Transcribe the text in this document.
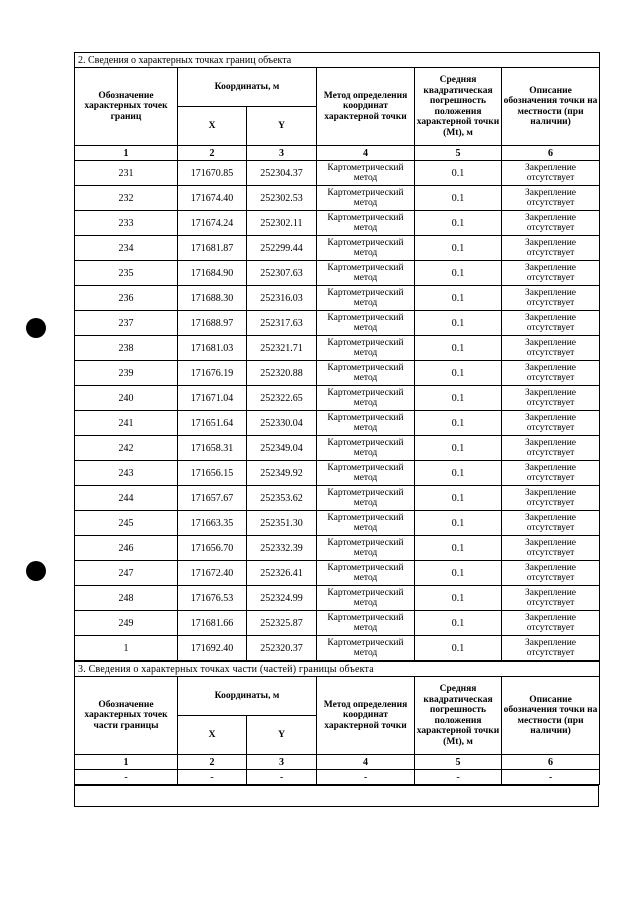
2. Сведения о характерных точках границ объекта					
Обозначение характерных точек границ	Координаты, м		Метод определения координат характерной точки	Средняя квадратическая погрешность положения характерной точки (Mt), м	Описание обозначения точки на местности (при наличии)
	X	Y			
1	2	3	4	5	6
231	171670.85	252304.37	Картометрический метод	0.1	Закрепление отсутствует
232	171674.40	252302.53	Картометрический метод	0.1	Закрепление отсутствует
233	171674.24	252302.11	Картометрический метод	0.1	Закрепление отсутствует
234	171681.87	252299.44	Картометрический метод	0.1	Закрепление отсутствует
235	171684.90	252307.63	Картометрический метод	0.1	Закрепление отсутствует
236	171688.30	252316.03	Картометрический метод	0.1	Закрепление отсутствует
237	171688.97	252317.63	Картометрический метод	0.1	Закрепление отсутствует
238	171681.03	252321.71	Картометрический метод	0.1	Закрепление отсутствует
239	171676.19	252320.88	Картометрический метод	0.1	Закрепление отсутствует
240	171671.04	252322.65	Картометрический метод	0.1	Закрепление отсутствует
241	171651.64	252330.04	Картометрический метод	0.1	Закрепление отсутствует
242	171658.31	252349.04	Картометрический метод	0.1	Закрепление отсутствует
243	171656.15	252349.92	Картометрический метод	0.1	Закрепление отсутствует
244	171657.67	252353.62	Картометрический метод	0.1	Закрепление отсутствует
245	171663.35	252351.30	Картометрический метод	0.1	Закрепление отсутствует
246	171656.70	252332.39	Картометрический метод	0.1	Закрепление отсутствует
247	171672.40	252326.41	Картометрический метод	0.1	Закрепление отсутствует
248	171676.53	252324.99	Картометрический метод	0.1	Закрепление отсутствует
249	171681.66	252325.87	Картометрический метод	0.1	Закрепление отсутствует
1	171692.40	252320.37	Картометрический метод	0.1	Закрепление отсутствует
3. Сведения о характерных точках части (частей) границы объекта					
Обозначение характерных точек части границы	Координаты, м		Метод определения координат характерной точки	Средняя квадратическая погрешность положения характерной точки (Mt), м	Описание обозначения точки на местности (при наличии)
	X	Y			
1	2	3	4	5	6
-	-	-	-	-	-
